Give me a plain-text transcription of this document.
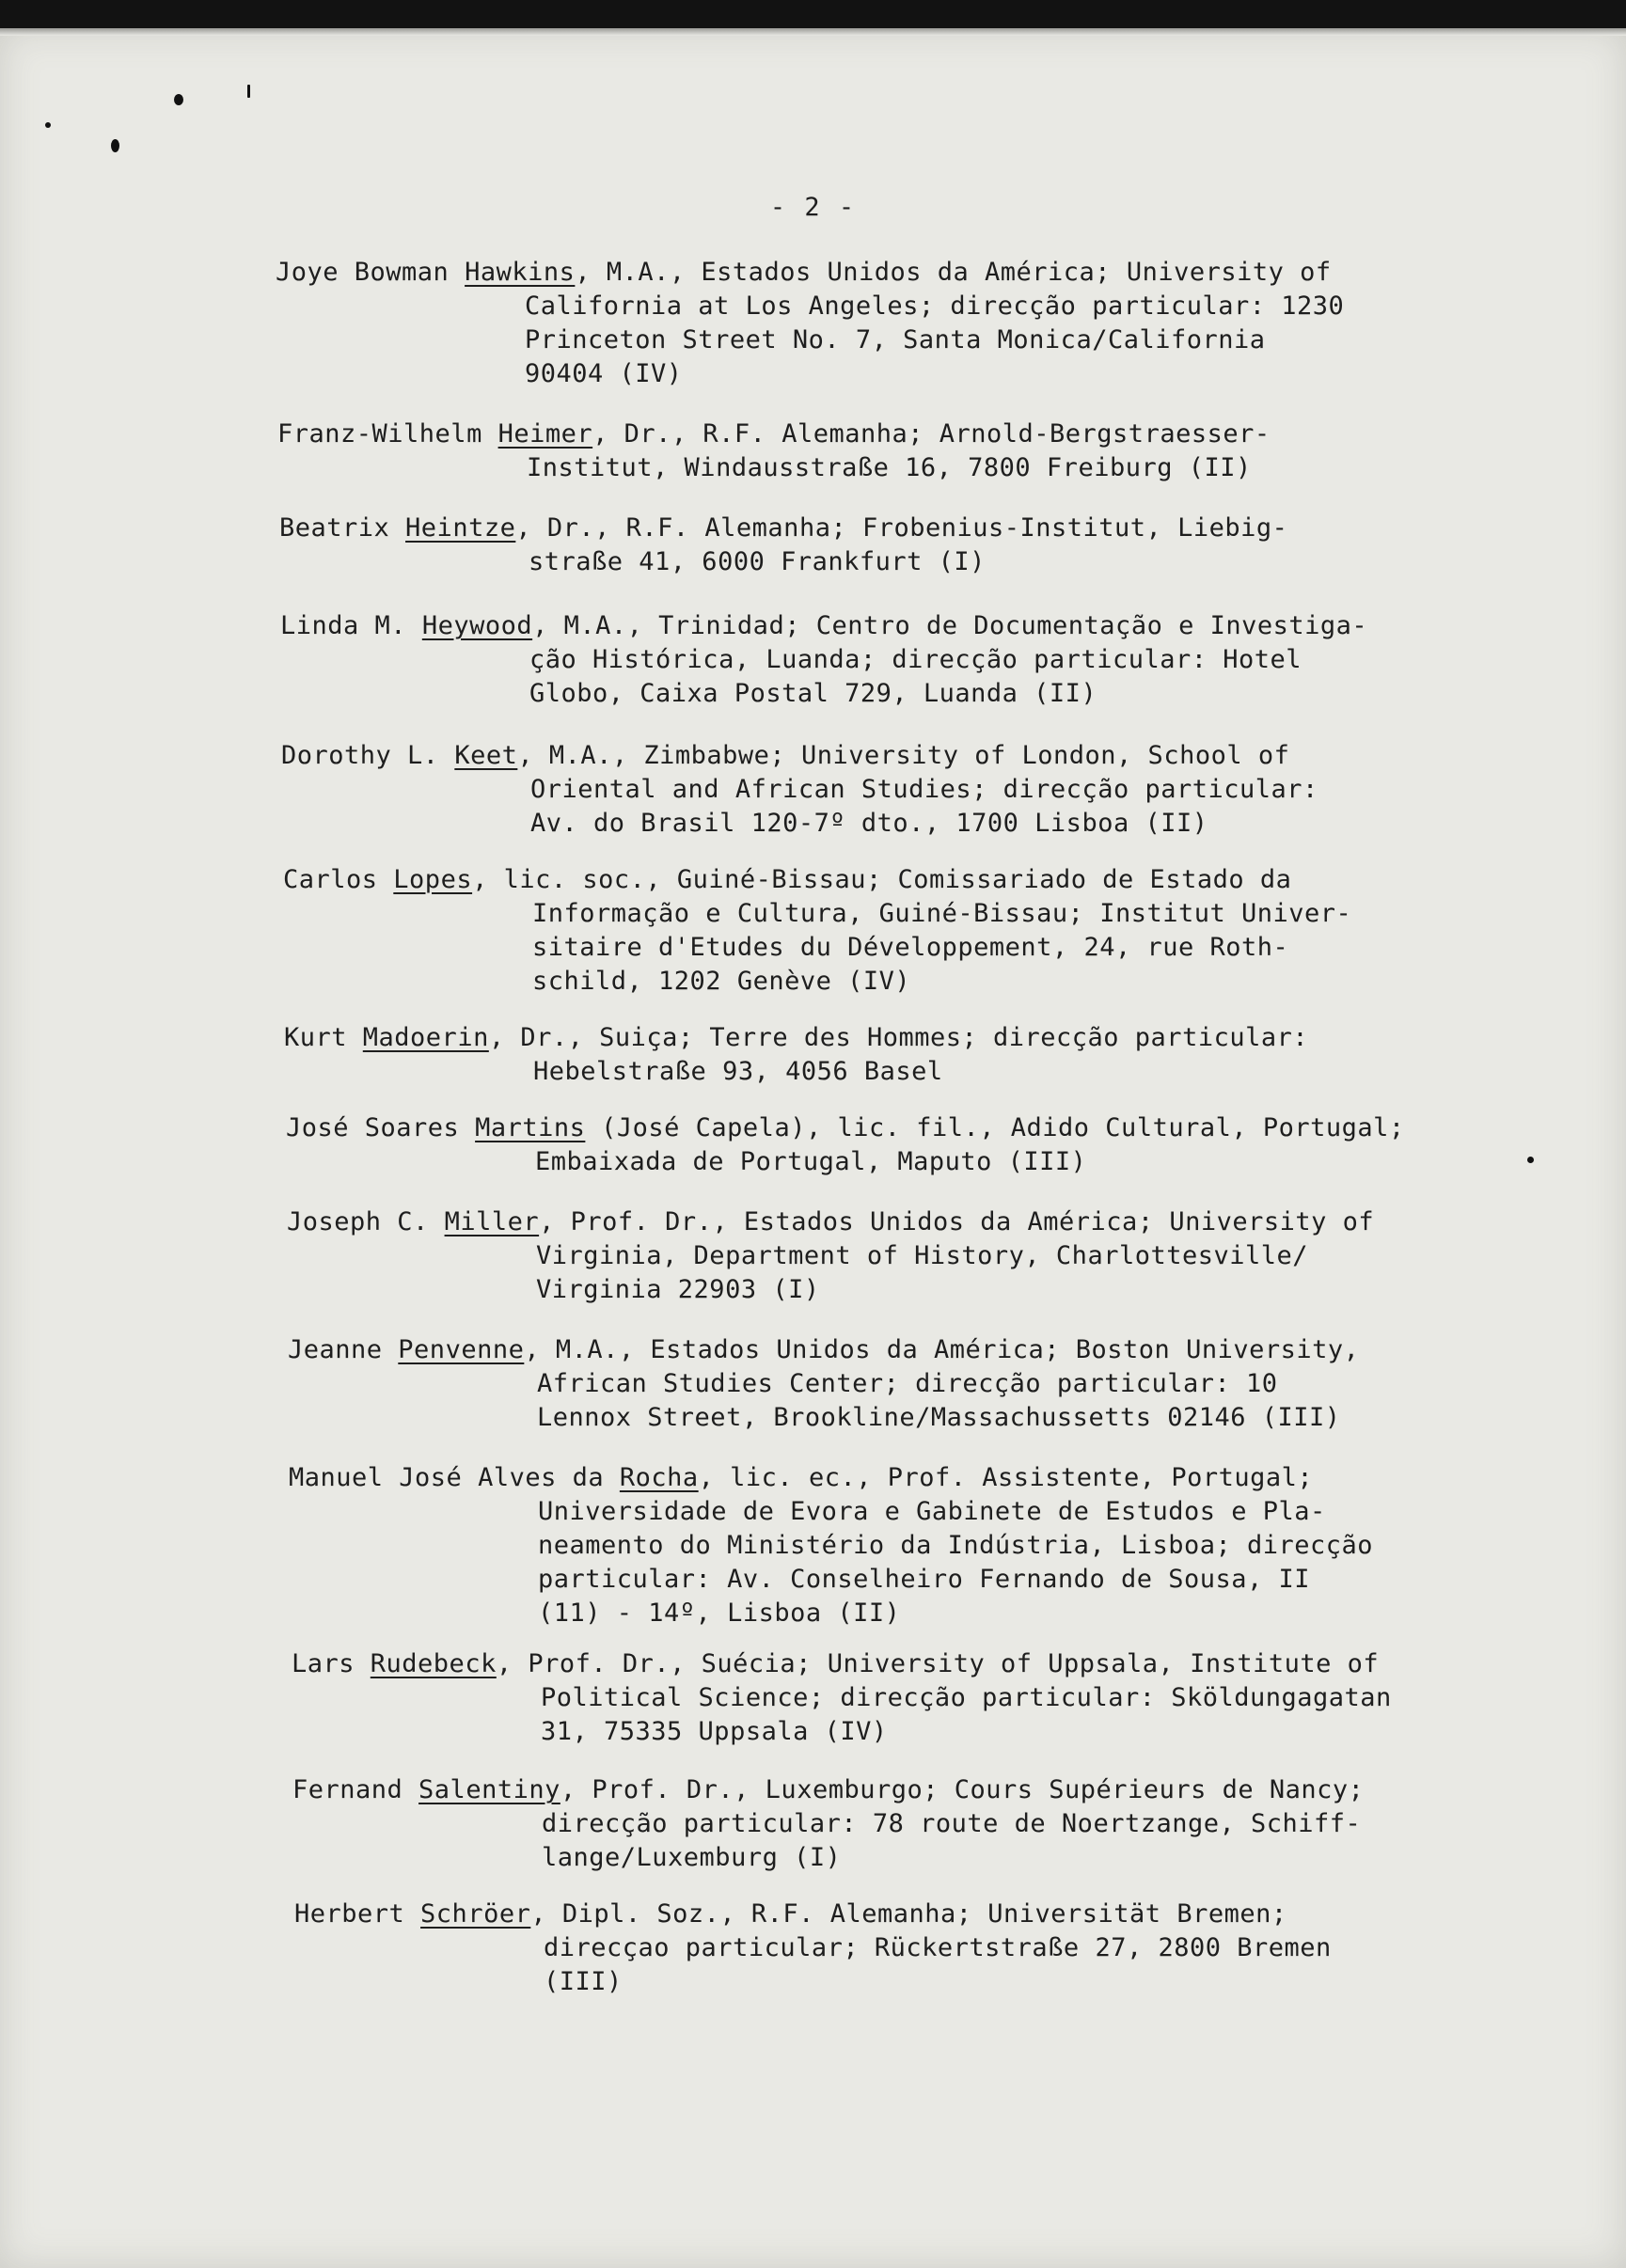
- 2 -
Joye Bowman Hawkins, M.A., Estados Unidos da América; University of
California at Los Angeles; direcção particular: 1230
Princeton Street No. 7, Santa Monica/California
90404 (IV)
Franz-Wilhelm Heimer, Dr., R.F. Alemanha; Arnold-Bergstraesser-
Institut, Windausstraße 16, 7800 Freiburg (II)
Beatrix Heintze, Dr., R.F. Alemanha; Frobenius-Institut, Liebig-
straße 41, 6000 Frankfurt (I)
Linda M. Heywood, M.A., Trinidad; Centro de Documentação e Investiga-
ção Histórica, Luanda; direcção particular: Hotel
Globo, Caixa Postal 729, Luanda (II)
Dorothy L. Keet, M.A., Zimbabwe; University of London, School of
Oriental and African Studies; direcção particular:
Av. do Brasil 120-7º dto., 1700 Lisboa (II)
Carlos Lopes, lic. soc., Guiné-Bissau; Comissariado de Estado da
Informação e Cultura, Guiné-Bissau; Institut Univer-
sitaire d'Etudes du Développement, 24, rue Roth-
schild, 1202 Genève (IV)
Kurt Madoerin, Dr., Suiça; Terre des Hommes; direcção particular:
Hebelstraße 93, 4056 Basel
José Soares Martins (José Capela), lic. fil., Adido Cultural, Portugal;
Embaixada de Portugal, Maputo (III)
Joseph C. Miller, Prof. Dr., Estados Unidos da América; University of
Virginia, Department of History, Charlottesville/
Virginia 22903 (I)
Jeanne Penvenne, M.A., Estados Unidos da América; Boston University,
African Studies Center; direcção particular: 10
Lennox Street, Brookline/Massachussetts 02146 (III)
Manuel José Alves da Rocha, lic. ec., Prof. Assistente, Portugal;
Universidade de Evora e Gabinete de Estudos e Pla-
neamento do Ministério da Indústria, Lisboa; direcção
particular: Av. Conselheiro Fernando de Sousa, II
(11) - 14º, Lisboa (II)
Lars Rudebeck, Prof. Dr., Suécia; University of Uppsala, Institute of
Political Science; direcção particular: Sköldungagatan
31, 75335 Uppsala (IV)
Fernand Salentiny, Prof. Dr., Luxemburgo; Cours Supérieurs de Nancy;
direcção particular: 78 route de Noertzange, Schiff-
lange/Luxemburg (I)
Herbert Schröer, Dipl. Soz., R.F. Alemanha; Universität Bremen;
direcçao particular; Rückertstraße 27, 2800 Bremen
(III)
